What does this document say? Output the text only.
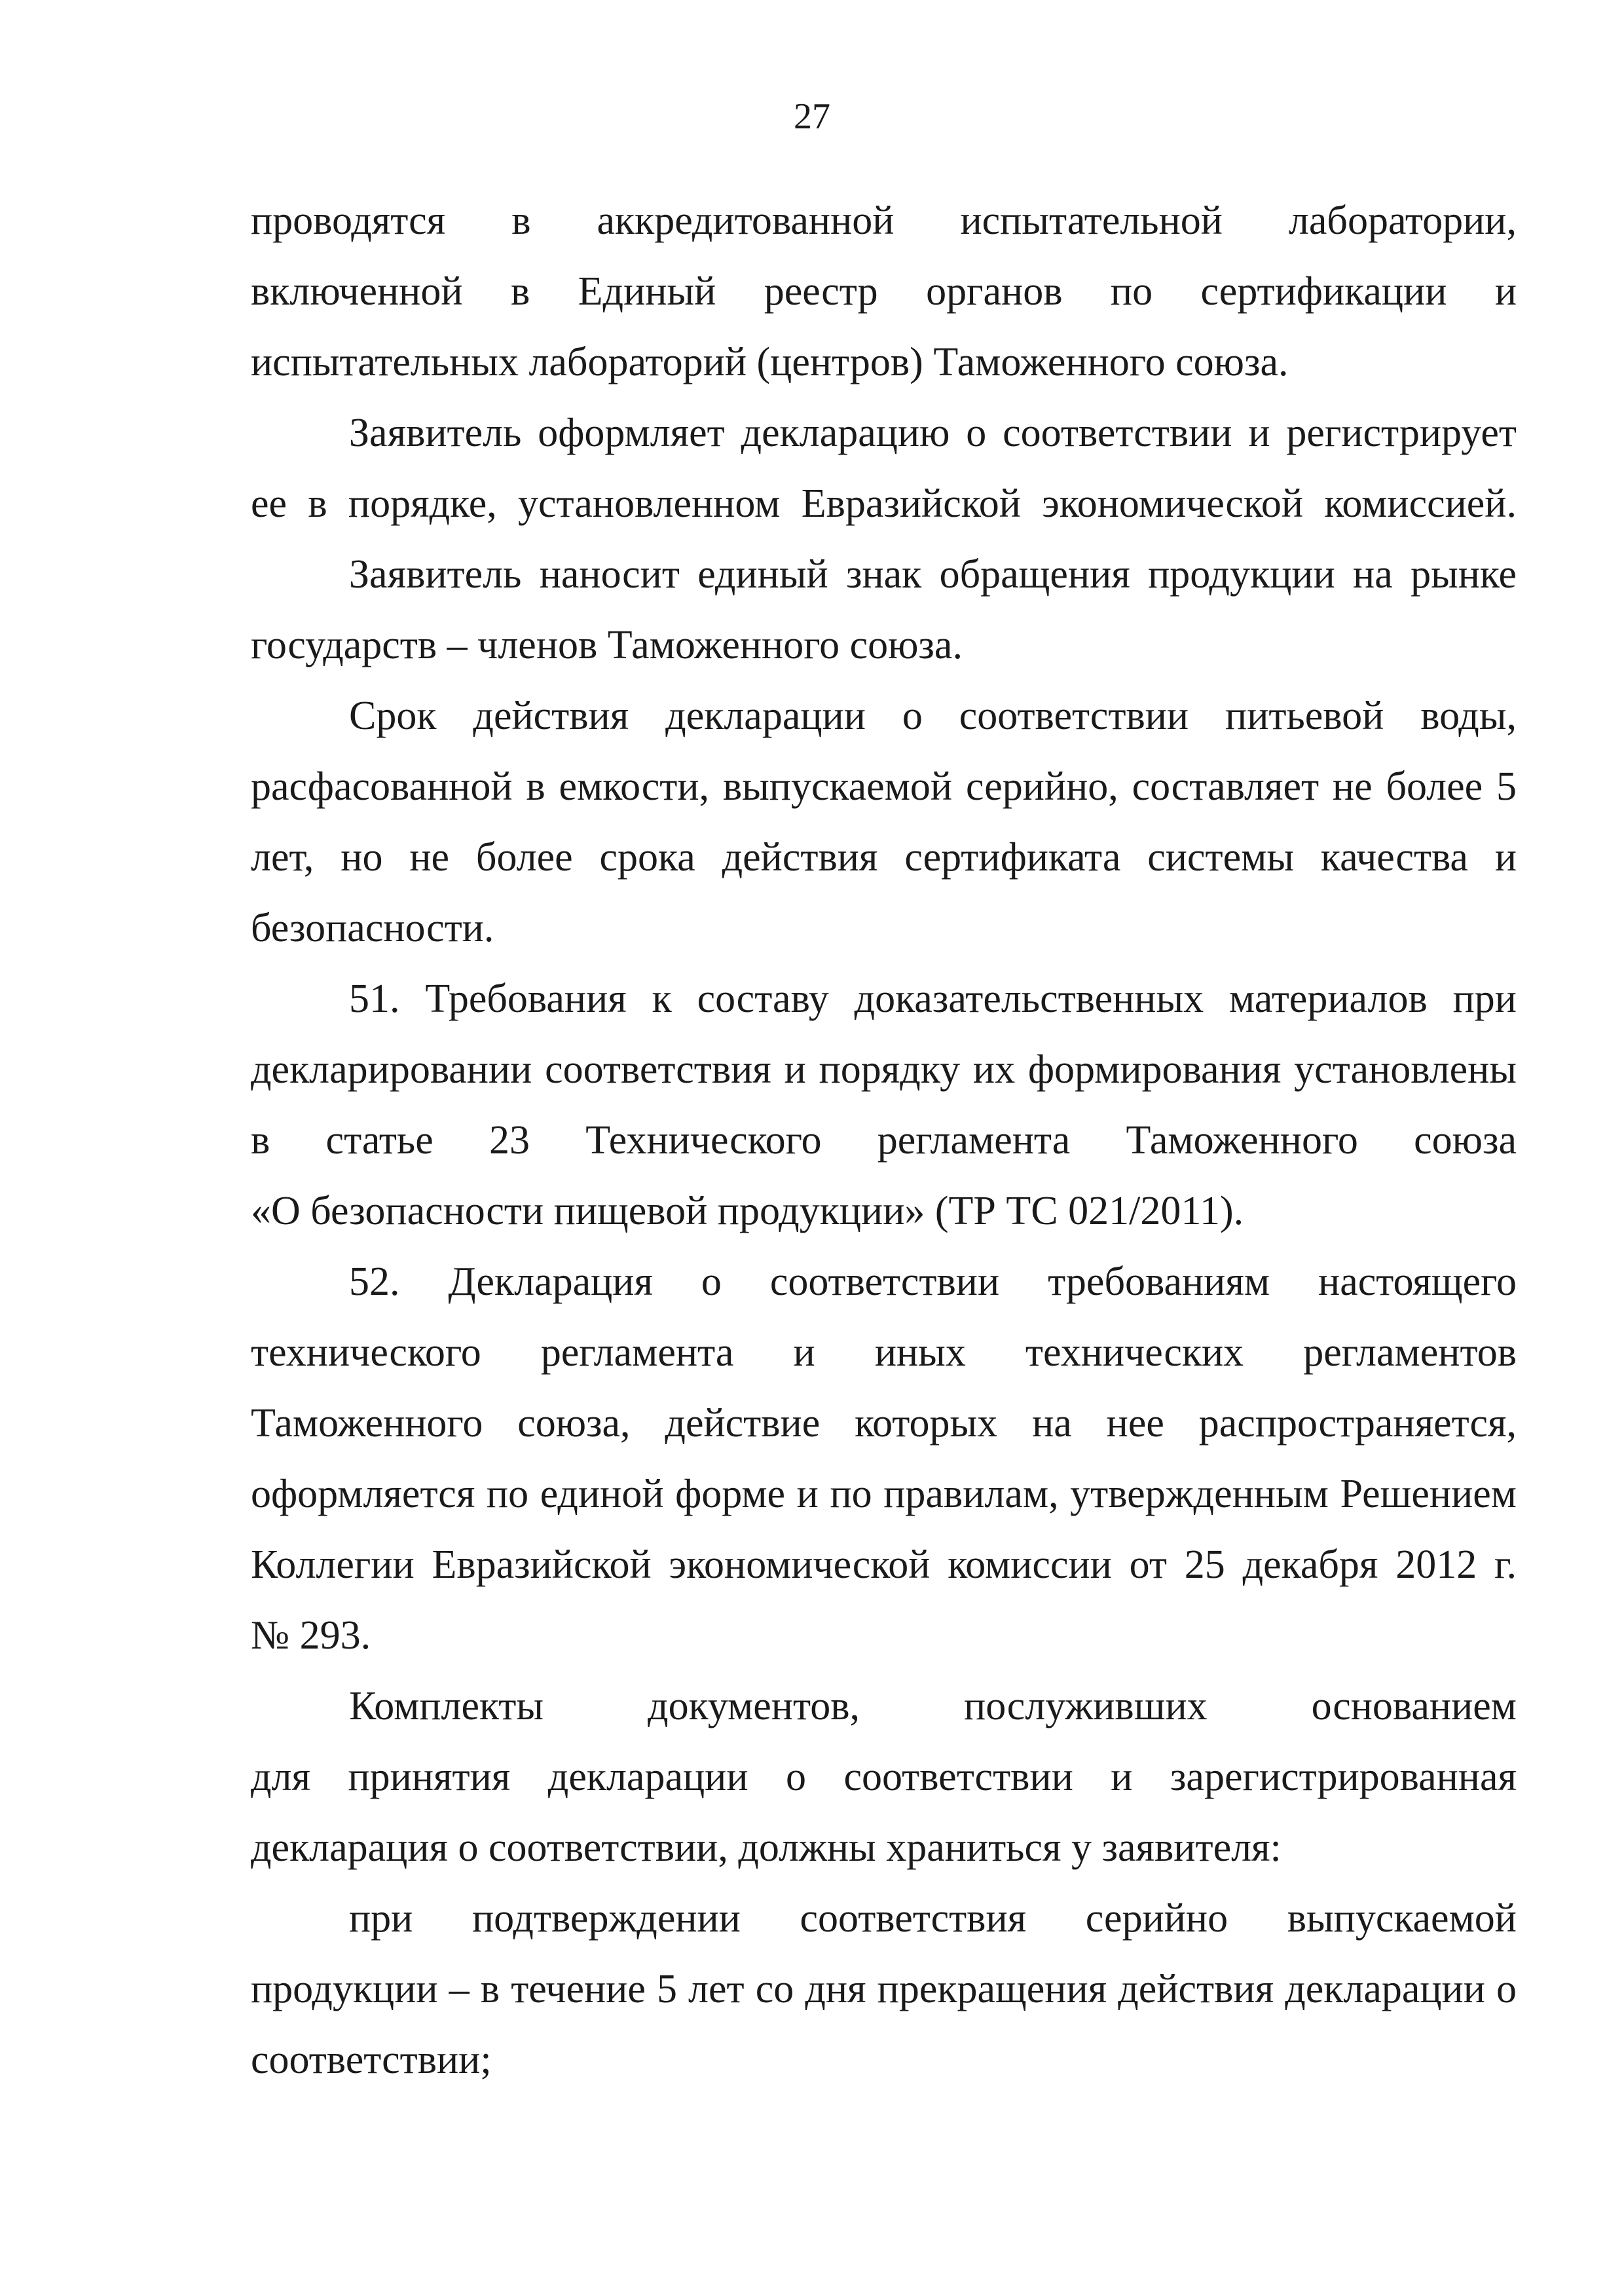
27
проводятся в аккредитованной испытательной лаборатории,
включенной в Единый реестр органов по сертификации и
испытательных лабораторий (центров) Таможенного союза.
Заявитель оформляет декларацию о соответствии и регистрирует
ее в порядке, установленном Евразийской экономической комиссией.
Заявитель наносит единый знак обращения продукции на рынке
государств – членов Таможенного союза.
Срок действия декларации о соответствии питьевой воды,
расфасованной в емкости, выпускаемой серийно, составляет не более 5
лет, но не более срока действия сертификата системы качества и
безопасности.
51. Требования к составу доказательственных материалов при
декларировании соответствия и порядку их формирования установлены
в статье 23 Технического регламента Таможенного союза
«О безопасности пищевой продукции» (ТР ТС 021/2011).
52. Декларация о соответствии требованиям настоящего
технического регламента и иных технических регламентов
Таможенного союза, действие которых на нее распространяется,
оформляется по единой форме и по правилам, утвержденным Решением
Коллегии Евразийской экономической комиссии от 25 декабря 2012 г.
№ 293.
Комплекты документов, послуживших основанием
для принятия декларации о соответствии и зарегистрированная
декларация о соответствии, должны храниться у заявителя:
при подтверждении соответствия серийно выпускаемой
продукции – в течение 5 лет со дня прекращения действия декларации о
соответствии;
